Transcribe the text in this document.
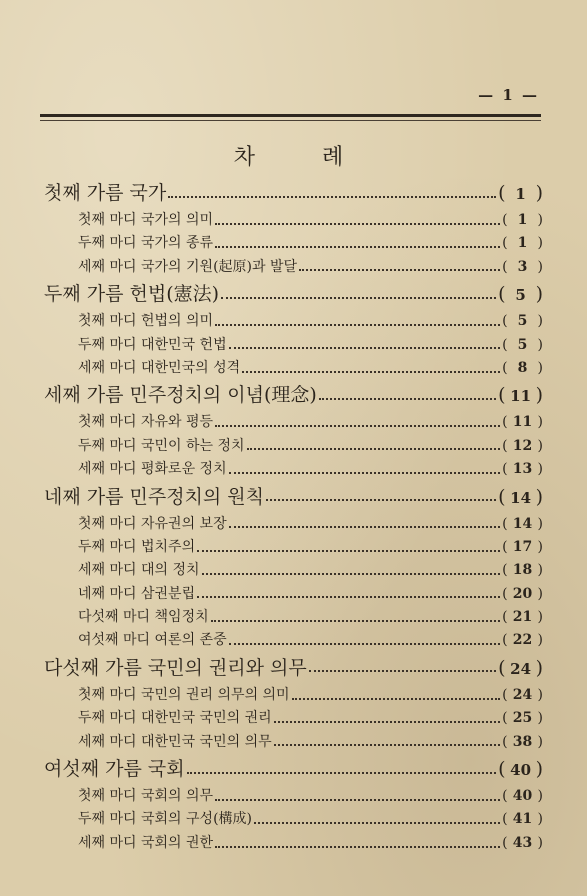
— 1 —
차 례
첫째 가름 국가	( 1 )
첫째 마디 국가의 의미	( 1 )
두째 마디 국가의 종류	( 1 )
세째 마디 국가의 기원(起原)과 발달	( 3 )
두째 가름 헌법(憲法)	( 5 )
첫째 마디 헌법의 의미	( 5 )
두째 마디 대한민국 헌법	( 5 )
세째 마디 대한민국의 성격	( 8 )
세째 가름 민주정치의 이념(理念)	( 11 )
첫째 마디 자유와 평등	( 11 )
두째 마디 국민이 하는 정치	( 12 )
세째 마디 평화로운 정치	( 13 )
네째 가름 민주정치의 원칙	( 14 )
첫째 마디 자유권의 보장	( 14 )
두째 마디 법치주의	( 17 )
세째 마디 대의 정치	( 18 )
네째 마디 삼권분립	( 20 )
다섯째 마디 책임정치	( 21 )
여섯째 마디 여론의 존중	( 22 )
다섯째 가름 국민의 권리와 의무	( 24 )
첫째 마디 국민의 권리 의무의 의미	( 24 )
두째 마디 대한민국 국민의 권리	( 25 )
세째 마디 대한민국 국민의 의무	( 38 )
여섯째 가름 국회	( 40 )
첫째 마디 국회의 의무	( 40 )
두째 마디 국회의 구성(構成)	( 41 )
세째 마디 국회의 권한	( 43 )
